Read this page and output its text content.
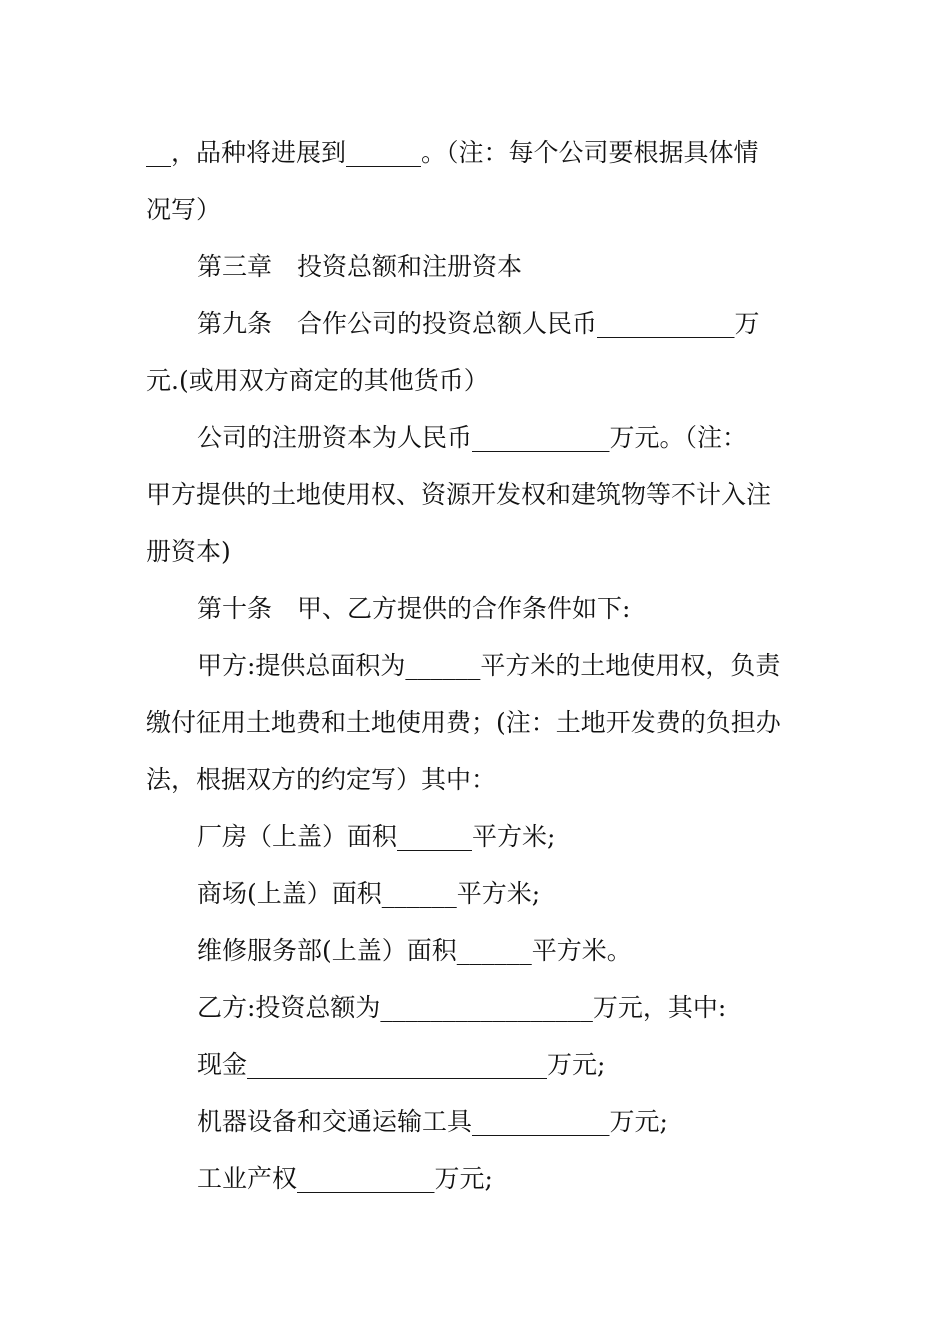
__，品种将进展到______。（注：每个公司要根据具体情
况写）
第三章　投资总额和注册资本
第九条　合作公司的投资总额人民币___________万
元.(或用双方商定的其他货币）
公司的注册资本为人民币___________万元。（注：
甲方提供的土地使用权、资源开发权和建筑物等不计入注
册资本)
第十条　甲、乙方提供的合作条件如下:
甲方:提供总面积为______平方米的土地使用权，负责
缴付征用土地费和土地使用费；(注：土地开发费的负担办
法，根据双方的约定写）其中：
厂房（上盖）面积______平方米;
商场(上盖）面积______平方米;
维修服务部(上盖）面积______平方米。
乙方:投资总额为_________________万元，其中:
现金________________________万元;
机器设备和交通运输工具___________万元;
工业产权___________万元;
